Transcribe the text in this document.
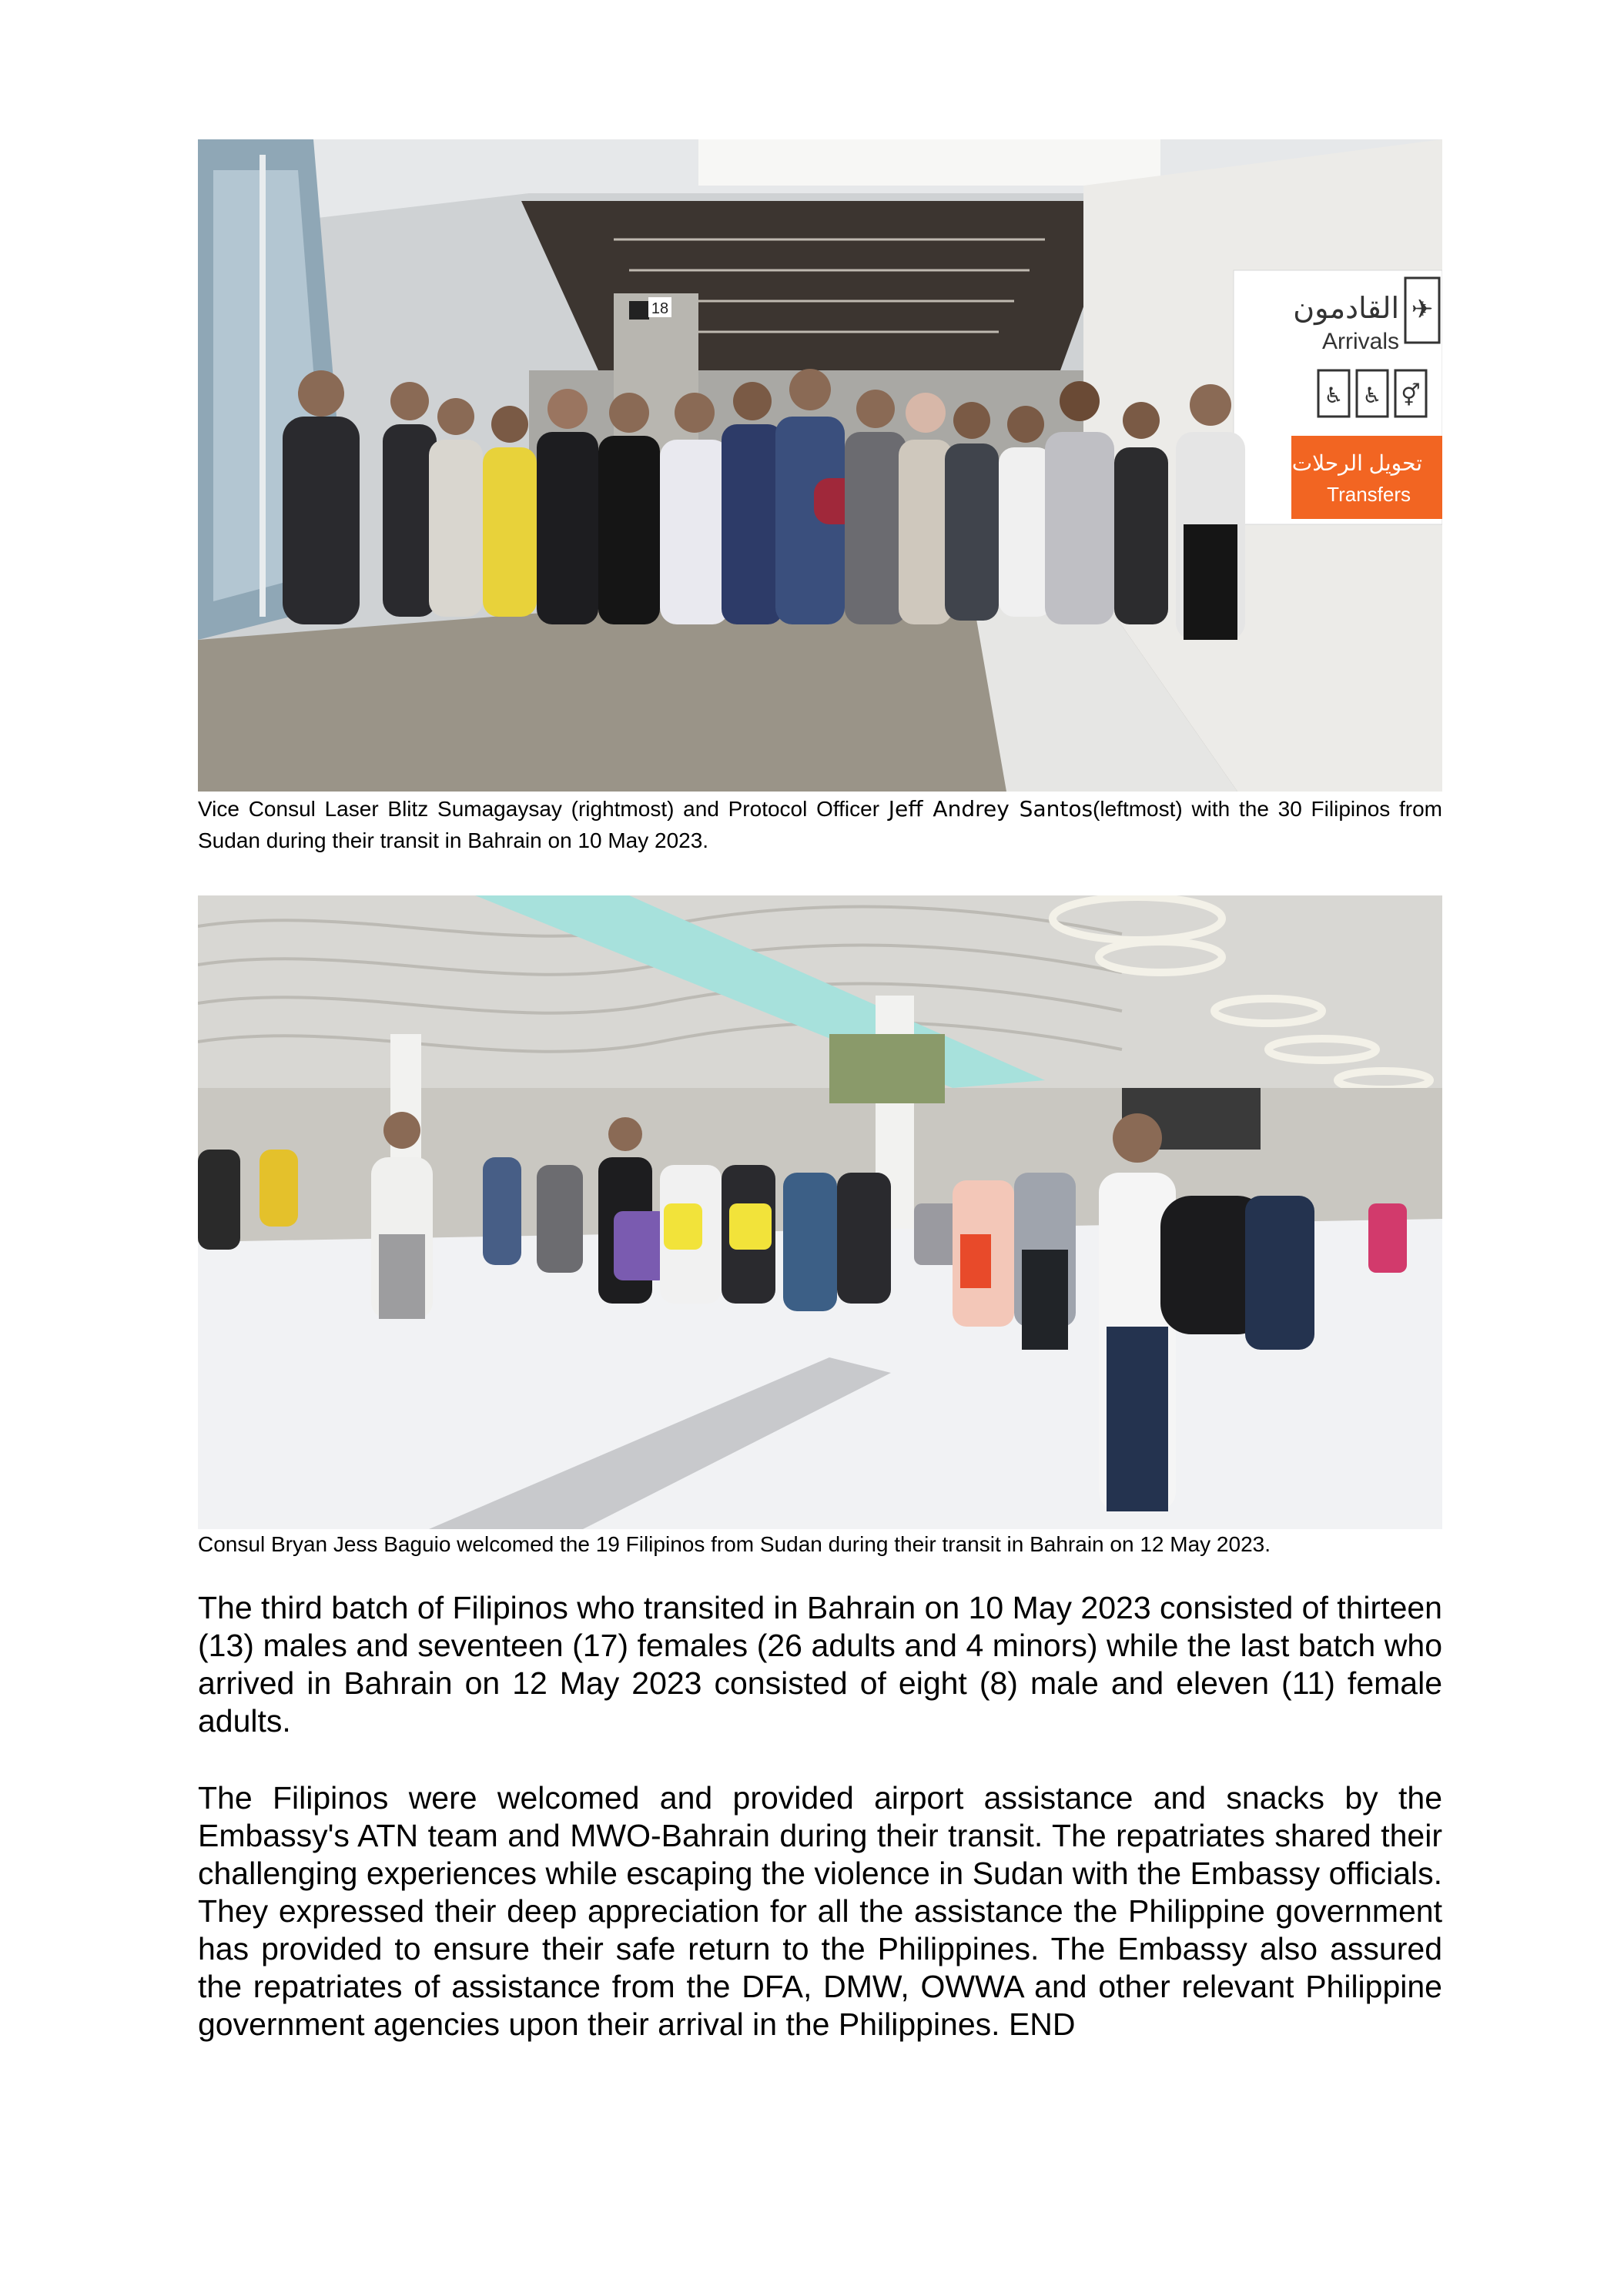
القادمون
Arrivals
✈
♿ ♿ ⚥
تحويل الرحلات
Transfers
18
Vice Consul Laser Blitz Sumagaysay (rightmost) and Protocol Officer Jeff Andrey Santos(leftmost) with the 30 Filipinos from Sudan during their transit in Bahrain on 10 May 2023.
Consul Bryan Jess Baguio welcomed the 19 Filipinos from Sudan during their transit in Bahrain on 12 May 2023.

The third batch of Filipinos who transited in Bahrain on 10 May 2023 consisted of thirteen (13) males and seventeen (17) females (26 adults and 4 minors) while the last batch who arrived in Bahrain on 12 May 2023 consisted of eight (8) male and eleven (11) female adults.

The Filipinos were welcomed and provided airport assistance and snacks by the Embassy's ATN team and MWO-Bahrain during their transit. The repatriates shared their challenging experiences while escaping the violence in Sudan with the Embassy officials. They expressed their deep appreciation for all the assistance the Philippine government has provided to ensure their safe return to the Philippines. The Embassy also assured the repatriates of assistance from the DFA, DMW, OWWA and other relevant Philippine government agencies upon their arrival in the Philippines. END
